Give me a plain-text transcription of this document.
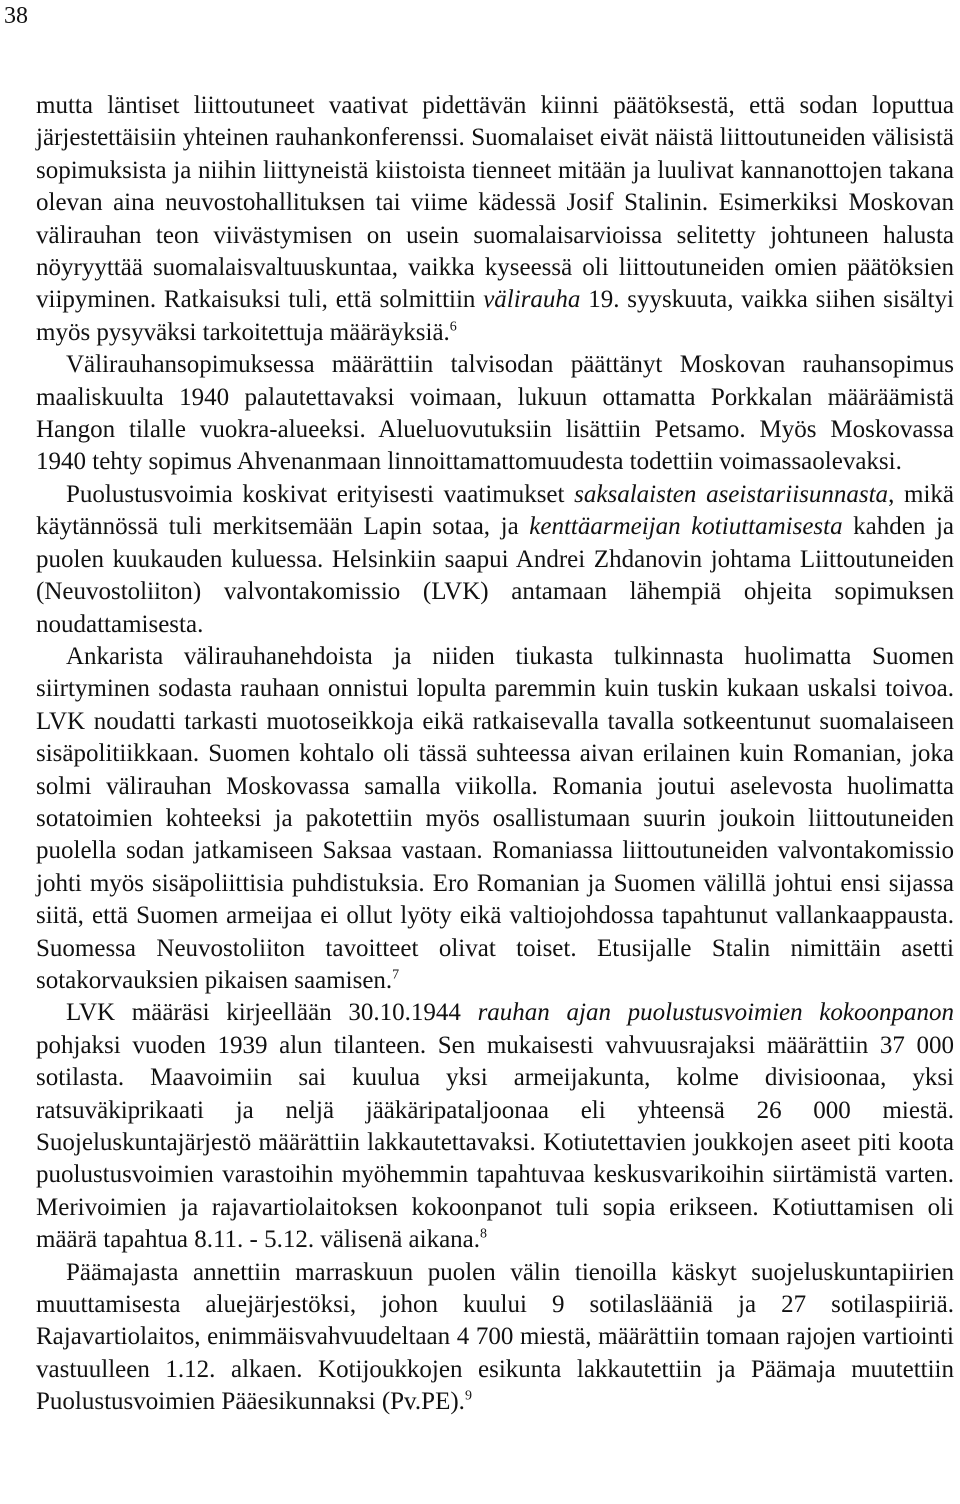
38

mutta läntiset liittoutuneet vaativat pidettävän kiinni päätöksestä, että sodan loputtua järjestettäisiin yhteinen rauhankonferenssi. Suomalaiset eivät näistä liittoutuneiden välisistä sopimuksista ja niihin liittyneistä kiistoista tienneet mitään ja luulivat kannanottojen takana olevan aina neuvostohallituksen tai viime kädessä Josif Stalinin. Esimerkiksi Moskovan välirauhan teon viivästymisen on usein suomalaisarvioissa selitetty johtuneen halusta nöyryyttää suomalaisvaltuuskuntaa, vaikka kyseessä oli liittoutuneiden omien päätöksien viipyminen. Ratkaisuksi tuli, että solmittiin välirauha 19. syyskuuta, vaikka siihen sisältyi myös pysyväksi tarkoitettuja määräyksiä.$^6$

Välirauhansopimuksessa määrättiin talvisodan päättänyt Moskovan rauhansopimus maaliskuulta 1940 palautettavaksi voimaan, lukuun ottamatta Porkkalan määräämistä Hangon tilalle vuokra-alueeksi. Alueluovutuksiin lisättiin Petsamo. Myös Moskovassa 1940 tehty sopimus Ahvenanmaan linnoittamattomuudesta todettiin voimassaolevaksi.

Puolustusvoimia koskivat erityisesti vaatimukset saksalaisten aseistariisunnasta, mikä käytännössä tuli merkitsemään Lapin sotaa, ja kenttäarmeijan kotiuttamisesta kahden ja puolen kuukauden kuluessa. Helsinkiin saapui Andrei Zhdanovin johtama Liittoutuneiden (Neuvostoliiton) valvontakomissio (LVK) antamaan lähempiä ohjeita sopimuksen noudattamisesta.

Ankarista välirauhanehdoista ja niiden tiukasta tulkinnasta huolimatta Suomen siirtyminen sodasta rauhaan onnistui lopulta paremmin kuin tuskin kukaan uskalsi toivoa. LVK noudatti tarkasti muotoseikkoja eikä ratkaisevalla tavalla sotkeentunut suomalaiseen sisäpolitiikkaan. Suomen kohtalo oli tässä suhteessa aivan erilainen kuin Romanian, joka solmi välirauhan Moskovassa samalla viikolla. Romania joutui aselevosta huolimatta sotatoimien kohteeksi ja pakotettiin myös osallistumaan suurin joukoin liittoutuneiden puolella sodan jatkamiseen Saksaa vastaan. Romaniassa liittoutuneiden valvontakomissio johti myös sisäpoliittisia puhdistuksia. Ero Romanian ja Suomen välillä johtui ensi sijassa siitä, että Suomen armeijaa ei ollut lyöty eikä valtiojohdossa tapahtunut vallankaappausta. Suomessa Neuvostoliiton tavoitteet olivat toiset. Etusijalle Stalin nimittäin asetti sotakorvauksien pikaisen saamisen.$^7$

LVK määräsi kirjeellään 30.10.1944 rauhan ajan puolustusvoimien kokoonpanon pohjaksi vuoden 1939 alun tilanteen. Sen mukaisesti vahvuusrajaksi määrättiin 37 000 sotilasta. Maavoimiin sai kuulua yksi armeijakunta, kolme divisioonaa, yksi ratsuväkiprikaati ja neljä jääkäripataljoonaa eli yhteensä 26 000 miestä. Suojeluskuntajärjestö määrättiin lakkautettavaksi. Kotiutettavien joukkojen aseet piti koota puolustusvoimien varastoihin myöhemmin tapahtuvaa keskusvarikoihin siirtämistä varten. Merivoimien ja rajavartiolaitoksen kokoonpanot tuli sopia erikseen. Kotiuttamisen oli määrä tapahtua 8.11. - 5.12. välisenä aikana.$^8$

Päämajasta annettiin marraskuun puolen välin tienoilla käskyt suojeluskuntapiirien muuttamisesta aluejärjestöksi, johon kuului 9 sotilaslääniä ja 27 sotilaspiiriä. Rajavartiolaitos, enimmäisvahvuudeltaan 4 700 miestä, määrättiin tomaan rajojen vartiointi vastuulleen 1.12. alkaen. Kotijoukkojen esikunta lakkautettiin ja Päämaja muutettiin Puolustusvoimien Pääesikunnaksi (Pv.PE).$^9$
